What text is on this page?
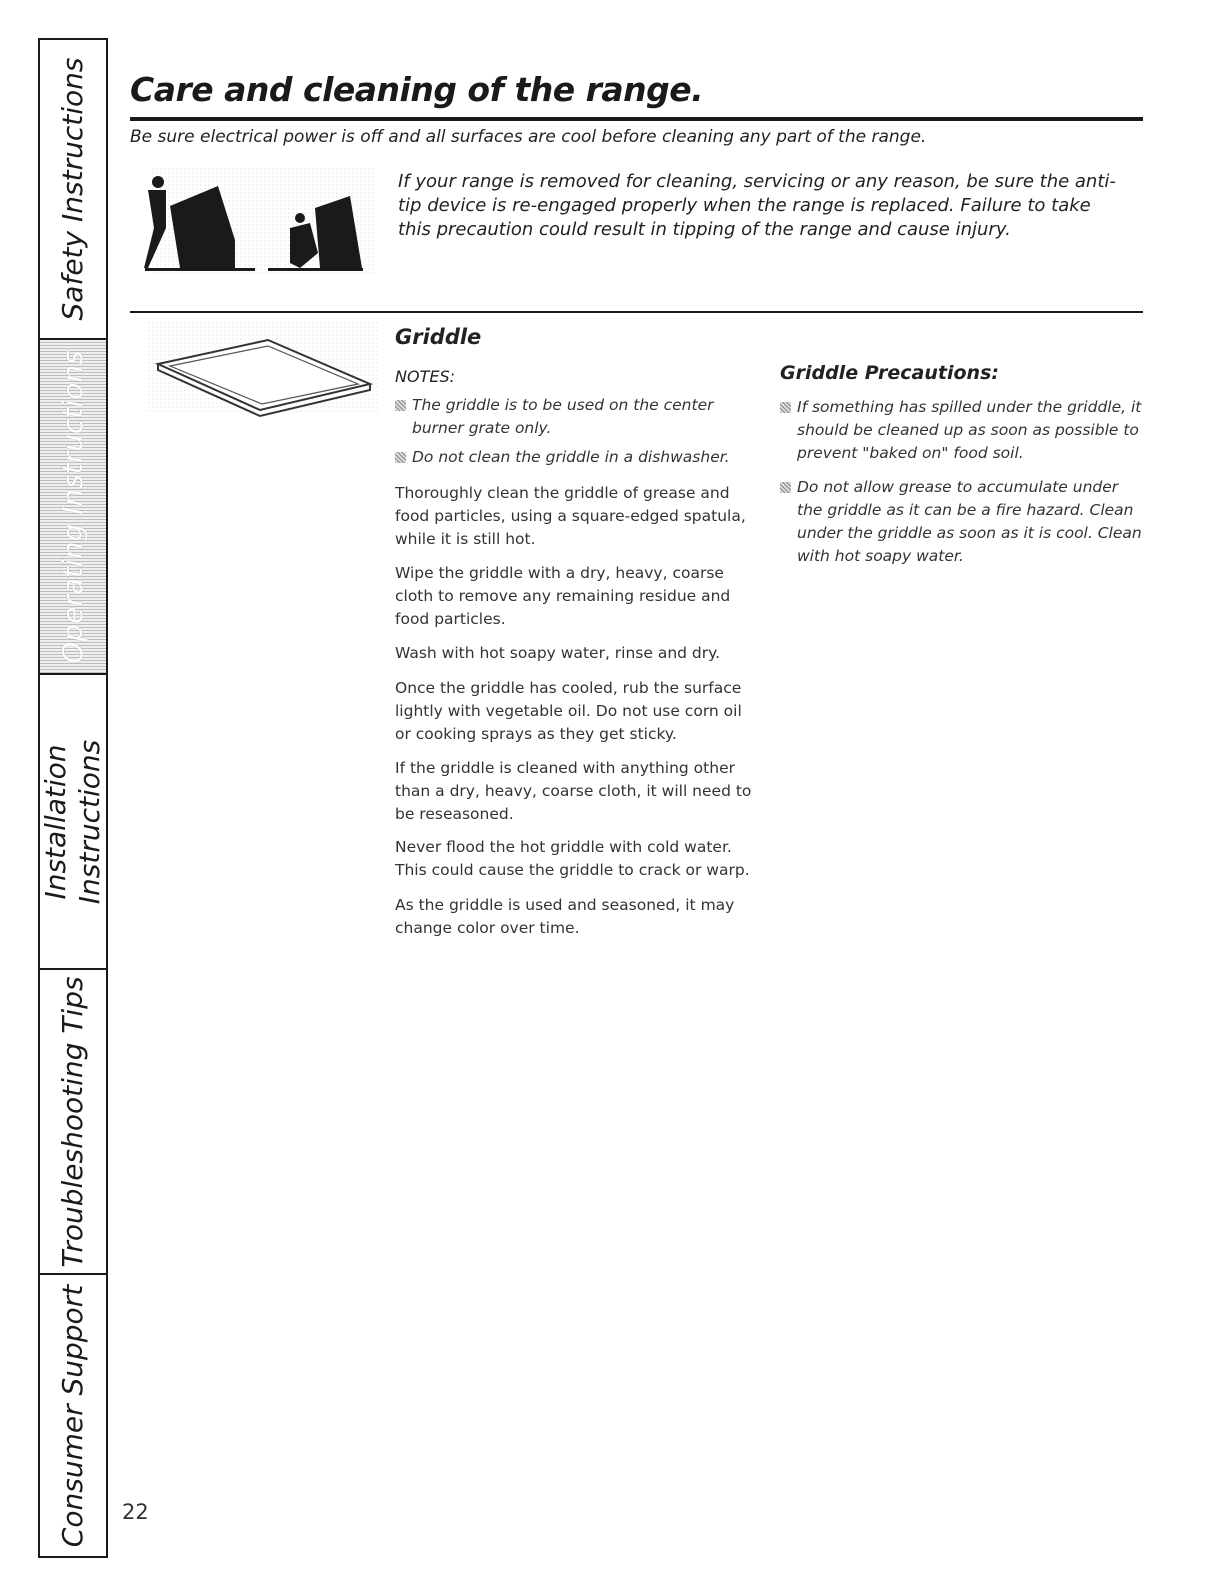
Safety Instructions
Operating Instructions
Installation
Instructions
Troubleshooting Tips
Consumer Support
Care and cleaning of the range.
Be sure electrical power is off and all surfaces are cool before cleaning any part of the range.
If your range is removed for cleaning, servicing or any reason, be sure the anti-tip device is re-engaged properly when the range is replaced. Failure to take this precaution could result in tipping of the range and cause injury.
Griddle
NOTES:
The griddle is to be used on the center
burner grate only.
Do not clean the griddle in a dishwasher.

Thoroughly clean the griddle of grease and food particles, using a square-edged spatula, while it is still hot.

Wipe the griddle with a dry, heavy, coarse cloth to remove any remaining residue and food particles.

Wash with hot soapy water, rinse and dry.

Once the griddle has cooled, rub the surface lightly with vegetable oil. Do not use corn oil or cooking sprays as they get sticky.

If the griddle is cleaned with anything other than a dry, heavy, coarse cloth, it will need to be reseasoned.

Never flood the hot griddle with cold water. This could cause the griddle to crack or warp.

As the griddle is used and seasoned, it may change color over time.

Griddle Precautions:
If something has spilled under the griddle, it
should be cleaned up as soon as possible to prevent "baked on" food soil.
Do not allow grease to accumulate under
the griddle as it can be a fire hazard. Clean under the griddle as soon as it is cool. Clean with hot soapy water.
22
